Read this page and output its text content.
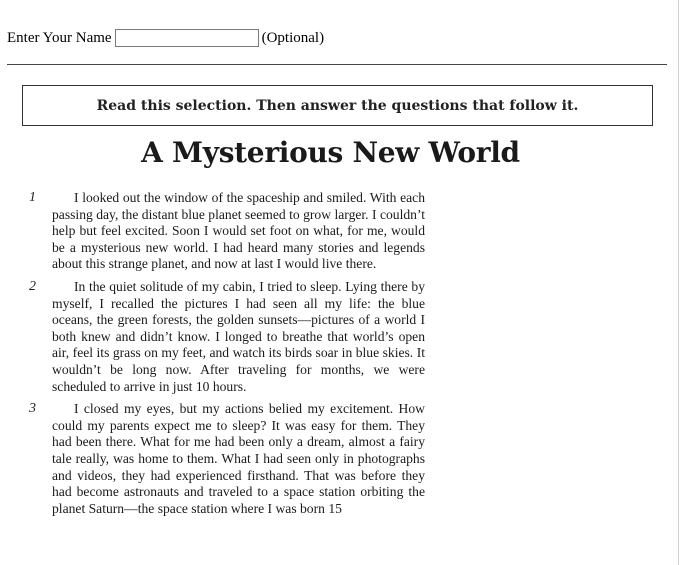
Enter Your Name	(Optional)
Read this selection. Then answer the questions that follow it.
A Mysterious New World
1	I looked out the window of the spaceship and smiled. With each passing day, the distant blue planet seemed to grow larger. I couldn’t help but feel excited. Soon I would set foot on what, for me, would be a mysterious new world. I had heard many stories and legends about this strange planet, and now at last I would live there.
2	In the quiet solitude of my cabin, I tried to sleep. Lying there by myself, I recalled the pictures I had seen all my life: the blue oceans, the green forests, the golden sunsets—pictures of a world I both knew and didn’t know. I longed to breathe that world’s open air, feel its grass on my feet, and watch its birds soar in blue skies. It wouldn’t be long now. After traveling for months, we were scheduled to arrive in just 10 hours.
3	I closed my eyes, but my actions belied my excitement. How could my parents expect me to sleep? It was easy for them. They had been there. What for me had been only a dream, almost a fairy tale really, was home to them. What I had seen only in photographs and videos, they had experienced firsthand. That was before they had become astronauts and traveled to a space station orbiting the planet Saturn—the space station where I was born 15
